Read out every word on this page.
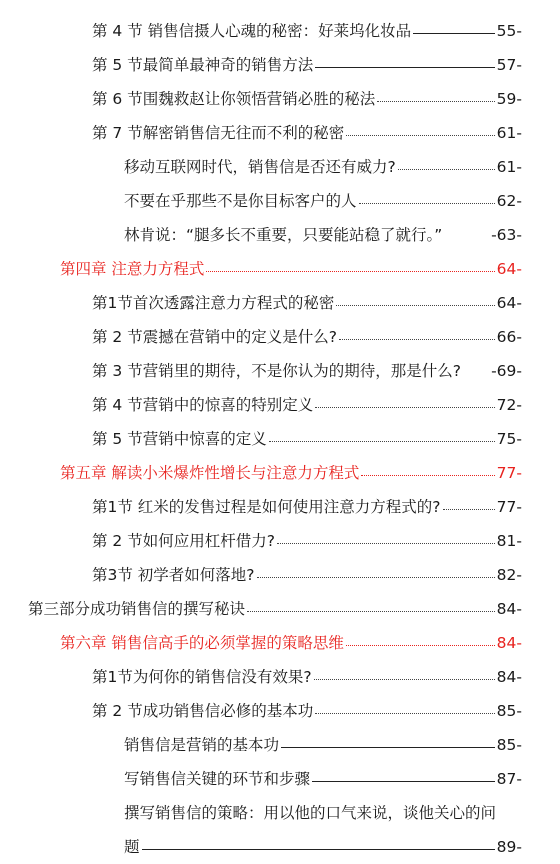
第 4 节 销售信摄人心魂的秘密：好莱坞化妆品	55-
第 5 节最简单最神奇的销售方法	57-
第 6 节围魏救赵让你领悟营销必胜的秘法	59-
第 7 节解密销售信无往而不利的秘密	61-
移动互联网时代，销售信是否还有威力?	61-
不要在乎那些不是你目标客户的人	62-
林肯说：“腿多长不重要，只要能站稳了就行。”	-63-
第四章 注意力方程式	64-
第1节首次透露注意力方程式的秘密	64-
第 2 节震撼在营销中的定义是什么?	66-
第 3 节营销里的期待，不是你认为的期待，那是什么? -69-
第 4 节营销中的惊喜的特别定义	72-
第 5 节营销中惊喜的定义	75-
第五章 解读小米爆炸性增长与注意力方程式	77-
第1节 红米的发售过程是如何使用注意力方程式的?	77-
第 2 节如何应用杠杆借力?	81-
第3节 初学者如何落地?	82-
第三部分成功销售信的撰写秘诀	84-
第六章 销售信高手的必须掌握的策略思维	84-
第1节为何你的销售信没有效果?	84-
第 2 节成功销售信必修的基本功	85-
销售信是营销的基本功	85-
写销售信关键的环节和步骤	87-
撰写销售信的策略：用以他的口气来说，谈他关心的问
题	89-
